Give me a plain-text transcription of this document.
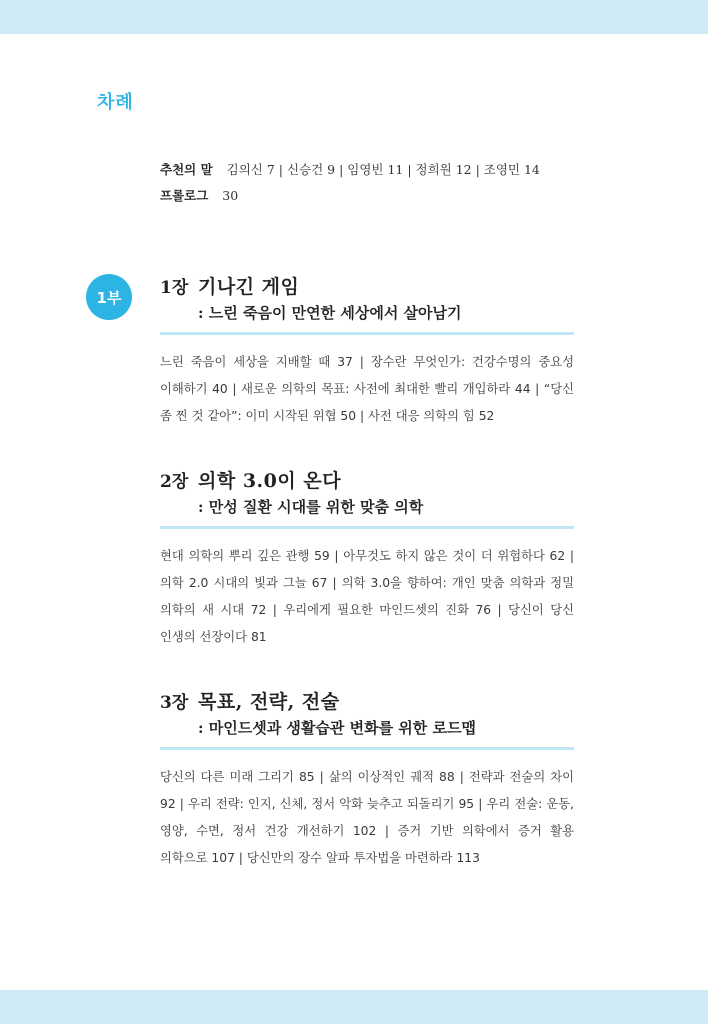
차례
추천의 말 김의신 7 | 신승건 9 | 임영빈 11 | 정희원 12 | 조영민 14
프롤로그 30
1부	1장 기나긴 게임
: 느린 죽음이 만연한 세상에서 살아남기
느린 죽음이 세상을 지배할 때 37 | 장수란 무엇인가: 건강수명의 중요성 이해하기 40 | 새로운 의학의 목표: 사전에 최대한 빨리 개입하라 44 | “당신 좀 찐 것 같아”: 이미 시작된 위협 50 | 사전 대응 의학의 힘 52
2장 의학 3.0이 온다
: 만성 질환 시대를 위한 맞춤 의학
현대 의학의 뿌리 깊은 관행 59 | 아무것도 하지 않은 것이 더 위험하다 62 | 의학 2.0 시대의 빛과 그늘 67 | 의학 3.0을 향하여: 개인 맞춤 의학과 정밀 의학의 새 시대 72 | 우리에게 필요한 마인드셋의 진화 76 | 당신이 당신 인생의 선장이다 81
3장 목표, 전략, 전술
: 마인드셋과 생활습관 변화를 위한 로드맵
당신의 다른 미래 그리기 85 | 삶의 이상적인 궤적 88 | 전략과 전술의 차이 92 | 우리 전략: 인지, 신체, 정서 악화 늦추고 되돌리기 95 | 우리 전술: 운동, 영양, 수면, 정서 건강 개선하기 102 | 증거 기반 의학에서 증거 활용 의학으로 107 | 당신만의 장수 알파 투자법을 마련하라 113
